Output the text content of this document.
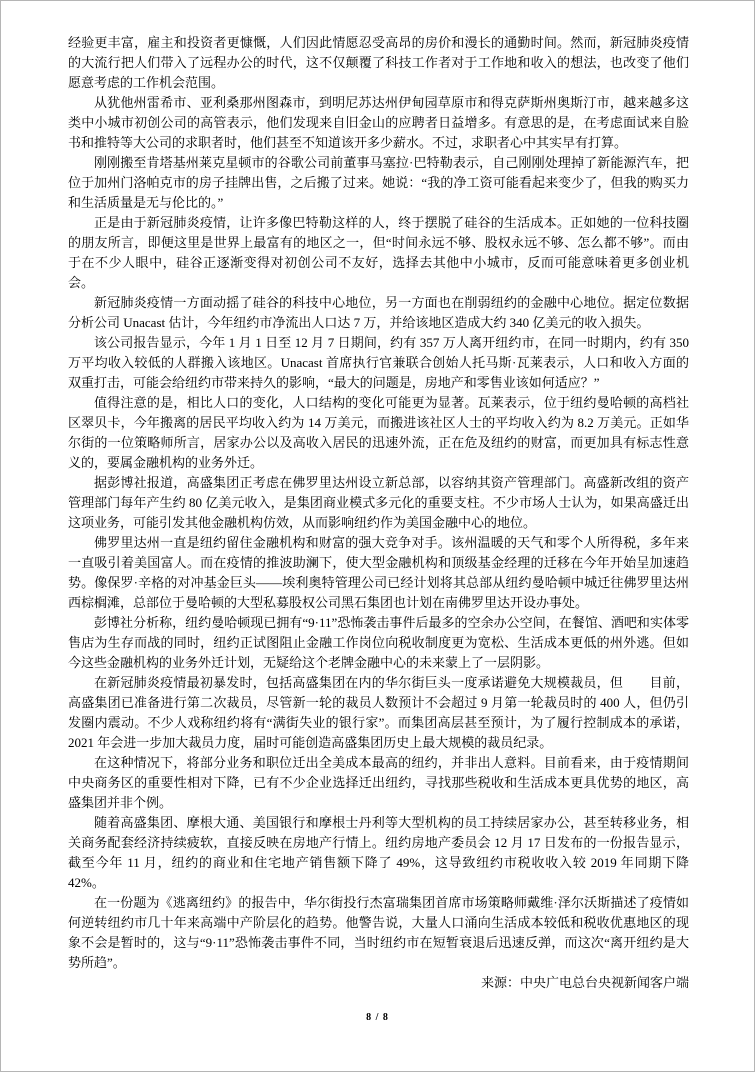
经验更丰富，雇主和投资者更慷慨，人们因此情愿忍受高昂的房价和漫长的通勤时间。然而，新冠肺炎疫情的大流行把人们带入了远程办公的时代，这不仅颠覆了科技工作者对于工作地和收入的想法，也改变了他们愿意考虑的工作机会范围。

从犹他州雷希市、亚利桑那州图森市，到明尼苏达州伊甸园草原市和得克萨斯州奥斯汀市，越来越多这类中小城市初创公司的高管表示，他们发现来自旧金山的应聘者日益增多。有意思的是，在考虑面试来自脸书和推特等大公司的求职者时，他们甚至不知道该开多少薪水。不过，求职者心中其实早有打算。

刚刚搬至肯塔基州莱克星顿市的谷歌公司前董事马塞拉·巴特勒表示，自己刚刚处理掉了新能源汽车，把位于加州门洛帕克市的房子挂牌出售，之后搬了过来。她说：“我的净工资可能看起来变少了，但我的购买力和生活质量是无与伦比的。”

正是由于新冠肺炎疫情，让许多像巴特勒这样的人，终于摆脱了硅谷的生活成本。正如她的一位科技圈的朋友所言，即便这里是世界上最富有的地区之一，但“时间永远不够、股权永远不够、怎么都不够”。而由于在不少人眼中，硅谷正逐渐变得对初创公司不友好，选择去其他中小城市，反而可能意味着更多创业机会。

新冠肺炎疫情一方面动摇了硅谷的科技中心地位，另一方面也在削弱纽约的金融中心地位。据定位数据分析公司 Unacast 估计，今年纽约市净流出人口达 7 万，并给该地区造成大约 340 亿美元的收入损失。

该公司报告显示，今年 1 月 1 日至 12 月 7 日期间，约有 357 万人离开纽约市，在同一时期内，约有 350 万平均收入较低的人群搬入该地区。Unacast 首席执行官兼联合创始人托马斯·瓦莱表示，人口和收入方面的双重打击，可能会给纽约市带来持久的影响，“最大的问题是，房地产和零售业该如何适应？”

值得注意的是，相比人口的变化，人口结构的变化可能更为显著。瓦莱表示，位于纽约曼哈顿的高档社区翠贝卡，今年搬离的居民平均收入约为 14 万美元，而搬进该社区人士的平均收入约为 8.2 万美元。正如华尔街的一位策略师所言，居家办公以及高收入居民的迅速外流，正在危及纽约的财富，而更加具有标志性意义的，要属金融机构的业务外迁。

据彭博社报道，高盛集团正考虑在佛罗里达州设立新总部，以容纳其资产管理部门。高盛新改组的资产管理部门每年产生约 80 亿美元收入，是集团商业模式多元化的重要支柱。不少市场人士认为，如果高盛迁出这项业务，可能引发其他金融机构仿效，从而影响纽约作为美国金融中心的地位。

佛罗里达州一直是纽约留住金融机构和财富的强大竞争对手。该州温暖的天气和零个人所得税，多年来一直吸引着美国富人。而在疫情的推波助澜下，使大型金融机构和顶级基金经理的迁移在今年开始呈加速趋势。像保罗·辛格的对冲基金巨头——埃利奥特管理公司已经计划将其总部从纽约曼哈顿中城迁往佛罗里达州西棕榈滩，总部位于曼哈顿的大型私募股权公司黑石集团也计划在南佛罗里达开设办事处。

彭博社分析称，纽约曼哈顿现已拥有“9·11”恐怖袭击事件后最多的空余办公空间，在餐馆、酒吧和实体零售店为生存而战的同时，纽约正试图阻止金融工作岗位向税收制度更为宽松、生活成本更低的州外逃。但如今这些金融机构的业务外迁计划，无疑给这个老牌金融中心的未来蒙上了一层阴影。

在新冠肺炎疫情最初暴发时，包括高盛集团在内的华尔街巨头一度承诺避免大规模裁员，但　　目前，高盛集团已准备进行第二次裁员，尽管新一轮的裁员人数预计不会超过 9 月第一轮裁员时的 400 人，但仍引发圈内震动。不少人戏称纽约将有“满街失业的银行家”。而集团高层甚至预计，为了履行控制成本的承诺，2021 年会进一步加大裁员力度，届时可能创造高盛集团历史上最大规模的裁员纪录。

在这种情况下，将部分业务和职位迁出全美成本最高的纽约，并非出人意料。目前看来，由于疫情期间中央商务区的重要性相对下降，已有不少企业选择迁出纽约，寻找那些税收和生活成本更具优势的地区，高盛集团并非个例。

随着高盛集团、摩根大通、美国银行和摩根士丹利等大型机构的员工持续居家办公，甚至转移业务，相关商务配套经济持续疲软，直接反映在房地产行情上。纽约房地产委员会 12 月 17 日发布的一份报告显示，截至今年 11 月，纽约的商业和住宅地产销售额下降了 49%，这导致纽约市税收收入较 2019 年同期下降 42%。

在一份题为《逃离纽约》的报告中，华尔街投行杰富瑞集团首席市场策略师戴维·泽尔沃斯描述了疫情如何逆转纽约市几十年来高端中产阶层化的趋势。他警告说，大量人口涌向生活成本较低和税收优惠地区的现象不会是暂时的，这与“9·11”恐怖袭击事件不同，当时纽约市在短暂衰退后迅速反弹，而这次“离开纽约是大势所趋”。

来源：中央广电总台央视新闻客户端

8 / 8
